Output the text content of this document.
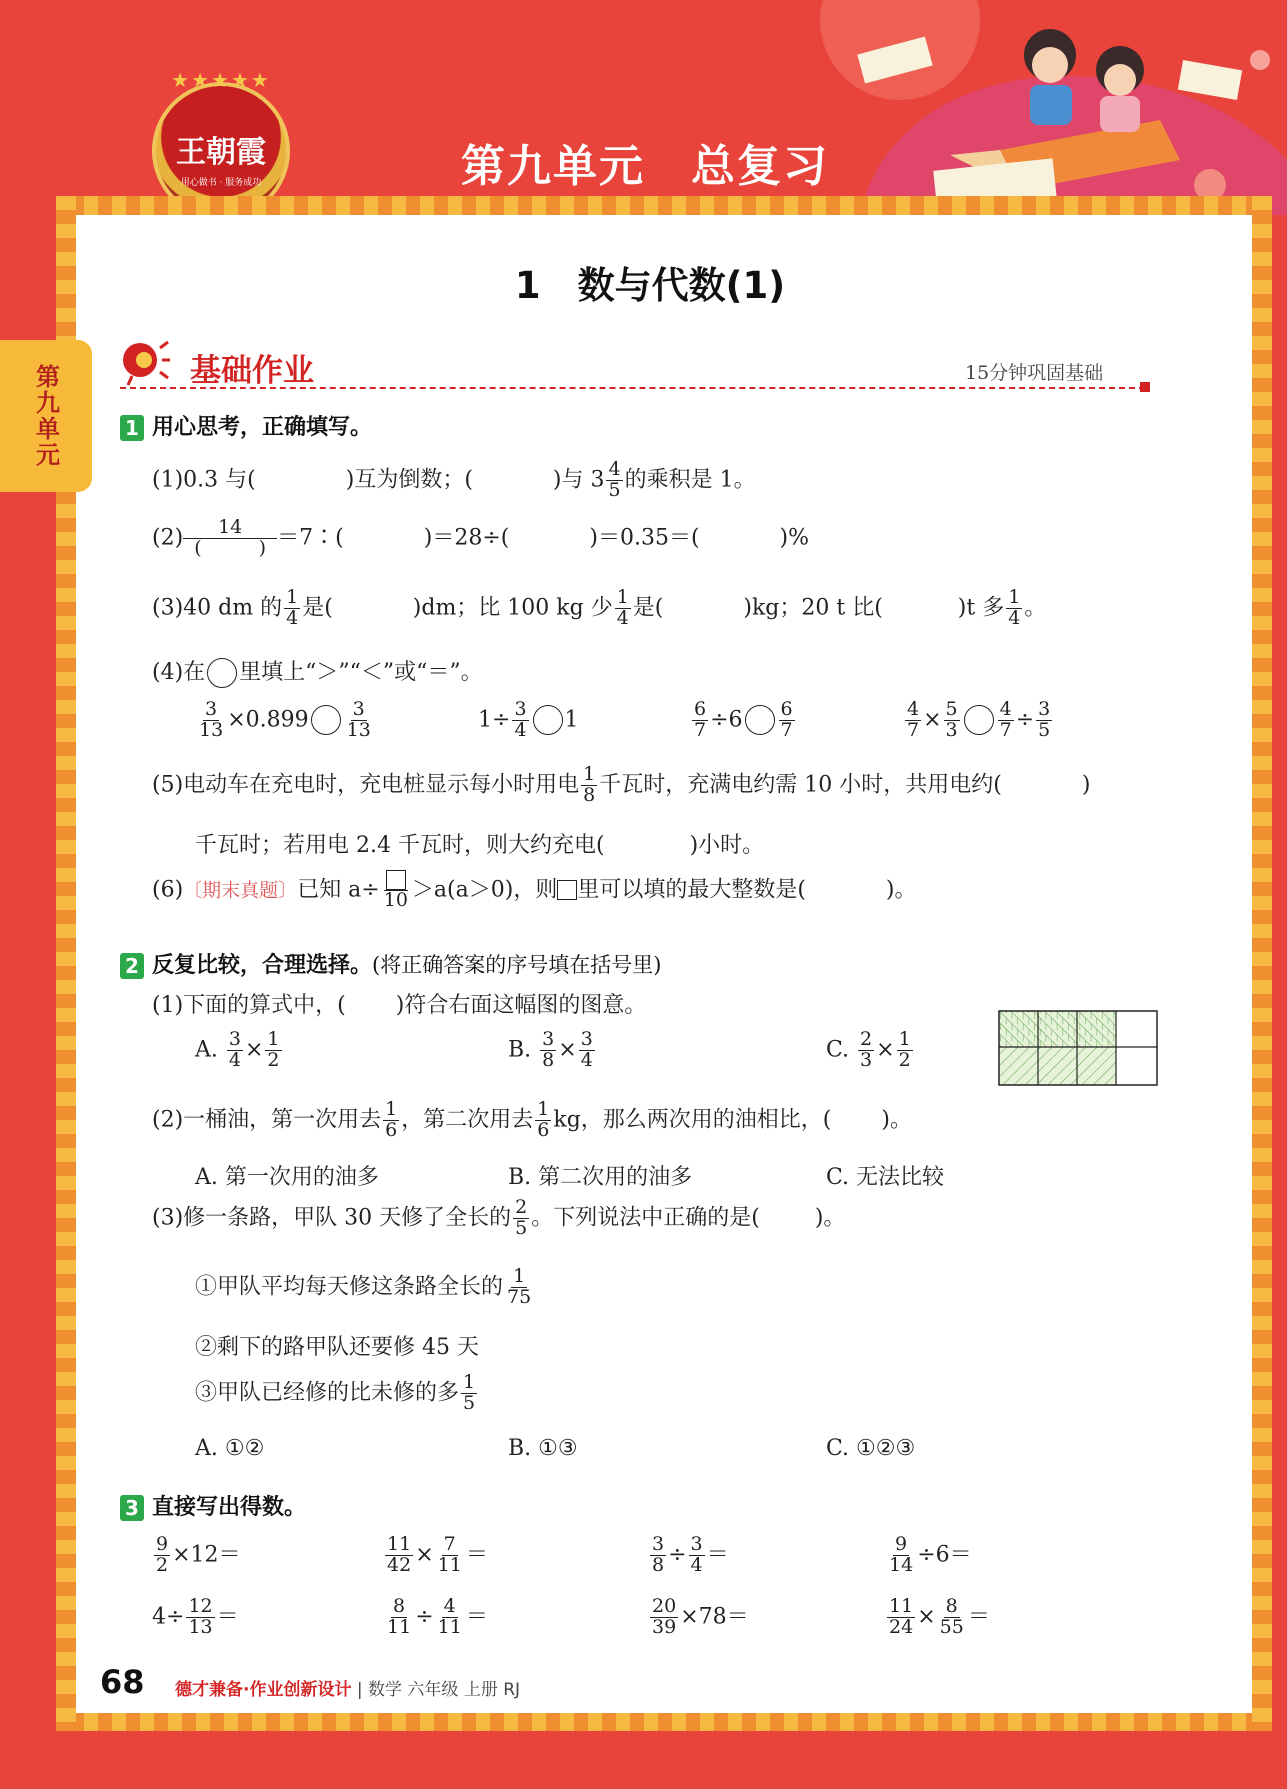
★★★★★
王朝霞
用心做书 · 服务成功	第九单元　总复习
第九单元
1　数与代数(1)
基础作业	15分钟巩固基础
1 用心思考，正确填写。
(1)0.3 与(	)互为倒数；(	)与 $3 \frac{4}{5}$ 的乘积是 1。
$(2) \frac{14}{( )}$ ＝7∶(	)＝28÷(	)＝0.35＝(	)%
(3)40 dm 的 $\frac{1}{4}$ 是(	)dm；比 100 kg 少 $\frac{1}{4}$ 是(	)kg；20 t 比(	)t 多 $\frac{1}{4}$ 。
(4)在 里填上“＞”“＜”或“＝”。
$\frac{3}{13} \times 0.899 \frac{3}{13}$	$1\div \frac{3}{4} 1$	$\frac{6}{7} \div 6 \frac{6}{7}$	$\frac{4}{7} \times \frac{5}{3} \frac{4}{7} \div \frac{3}{5}$
(5)电动车在充电时，充电桩显示每小时用电 $\frac{1}{8}$ 千瓦时，充满电约需 10 小时，共用电约(	)
千瓦时；若用电 2.4 千瓦时，则大约充电(	)小时。
(6)〔期末真题〕已知 a÷ 10 ＞a(a＞0)，则 里可以填的最大整数是(	)。
2 反复比较，合理选择。(将正确答案的序号填在括号里)
(1)下面的算式中，( )符合右面这幅图的图意。
A. $\frac{3}{4} \times \frac{1}{2}$	B. $\frac{3}{8} \times \frac{3}{4}$	C. $\frac{2}{3} \times \frac{1}{2}$
(2)一桶油，第一次用去 $\frac{1}{6}$ ，第二次用去 $\frac{1}{6}$ kg，那么两次用的油相比，( )。
A. 第一次用的油多	B. 第二次用的油多	C. 无法比较
(3)修一条路，甲队 30 天修了全长的 $\frac{2}{5}$ 。下列说法中正确的是(	)。
①甲队平均每天修这条路全长的 $\frac{1}{75}$
②剩下的路甲队还要修 45 天
③甲队已经修的比未修的多 $\frac{1}{5}$
A. ①②	B. ①③	C. ①②③
3 直接写出得数。
$\frac{9}{2} \times 12=$	$\frac{11}{42} \times \frac{7}{11}$ ＝	$\frac{3}{8} \div \frac{3}{4}$ ＝	$\frac{9}{14} \div 6=$
$4\div \frac{12}{13}$ ＝	$\frac{8}{11} \div \frac{4}{11}$ ＝	$\frac{20}{39} \times 78=$	$\frac{11}{24} \times \frac{8}{55}$ ＝
68 德才兼备·作业创新设计 | 数学 六年级 上册 RJ
